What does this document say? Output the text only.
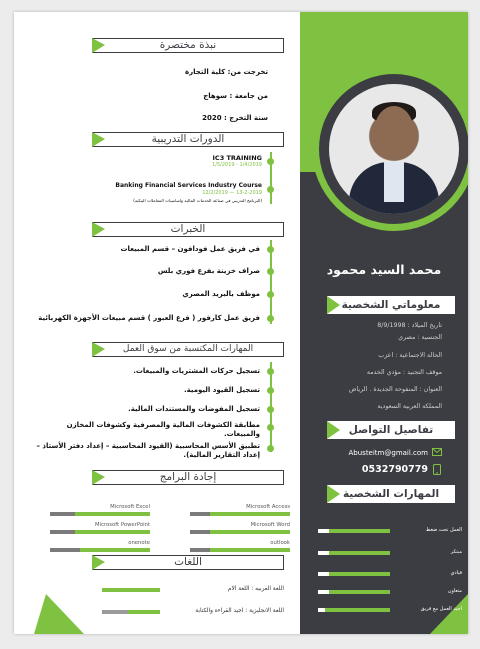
محمد السيد محمود
معلوماتي الشخصية
تاريخ الميلاد : 8/9/1998
الجنسية : مصري
الحالة الاجتماعية : اعزب
موقف التجنيد : مؤدي الخدمة
العنوان : المنفوحة الجديدة . الرياض
المملكة العربية السعودية
تفاصيل التواصل
Abusteitm@gmail.com
0532790779
المهارات الشخصية
نبذة مختصرة
تخرجت من: كلية التجارة
من جامعة : سوهاج
سنة التخرج : 2020
الدورات التدريبية
IC3 TRAINING
1/5/2019 - 1/4/2019
Banking Financial Services Industry Course
12/2/2019 — 13-2-2019
(البرنامج التدريبي في صناعة الخدمات المالية واساسيات المعاملات البنكية)
الخبرات
في فريق عمل فودافون – قسم المبيعات
صراف خزينة بفرع فوري بلس
موظف بالبريد المصري
فريق عمل كارفور ( فرع العبور ) قسم مبيعات الأجهزة الكهربائية
المهارات المكتسبة من سوق العمل
تسجيل حركات المشتريات والمبيعات.
تسجيل القيود اليومية.
تسجيل المفوضات والمستندات المالية.
مطابقة الكشوفات المالية والمصرفية وكشوفات المخازن والمبيعات.
تطبيق الأسس المحاسبية (القيود المحاسبية – إعداد دفتر الأستاذ – إعداد التقارير المالية).
إجادة البرامج
اللغات
العمل تحت ضغط
مبتكر
قيادي
متعاون
اجيد العمل مع فريق
Microsoft Access
Microsoft Excel
Microsoft Word
Microsoft PowerPoint
outlook
onenote
اللغة العربيه : اللغة الام
اللغة الانجليزية : اجيد القراءه والكتابة
